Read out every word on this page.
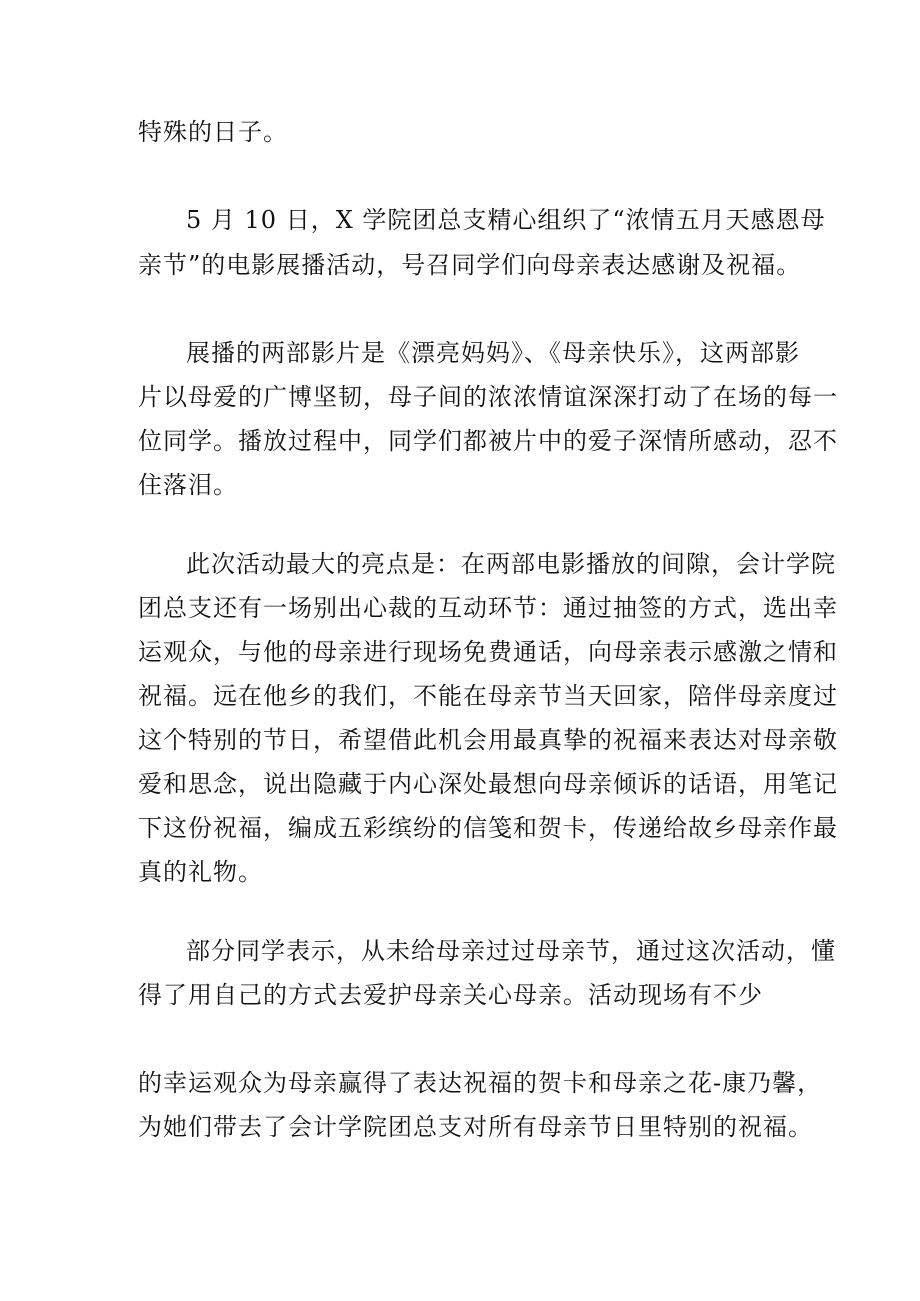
特殊的日子。
5 月 10 日，X 学院团总支精心组织了“浓情五月天感恩母
亲节”的电影展播活动，号召同学们向母亲表达感谢及祝福。
展播的两部影片是《漂亮妈妈》、《母亲快乐》，这两部影
片以母爱的广博坚韧，母子间的浓浓情谊深深打动了在场的每一
位同学。播放过程中，同学们都被片中的爱子深情所感动，忍不
住落泪。
此次活动最大的亮点是：在两部电影播放的间隙，会计学院
团总支还有一场别出心裁的互动环节：通过抽签的方式，选出幸
运观众，与他的母亲进行现场免费通话，向母亲表示感激之情和
祝福。远在他乡的我们，不能在母亲节当天回家，陪伴母亲度过
这个特别的节日，希望借此机会用最真挚的祝福来表达对母亲敬
爱和思念，说出隐藏于内心深处最想向母亲倾诉的话语，用笔记
下这份祝福，编成五彩缤纷的信笺和贺卡，传递给故乡母亲作最
真的礼物。
部分同学表示，从未给母亲过过母亲节，通过这次活动，懂
得了用自己的方式去爱护母亲关心母亲。活动现场有不少
的幸运观众为母亲赢得了表达祝福的贺卡和母亲之花-康乃馨，
为她们带去了会计学院团总支对所有母亲节日里特别的祝福。
